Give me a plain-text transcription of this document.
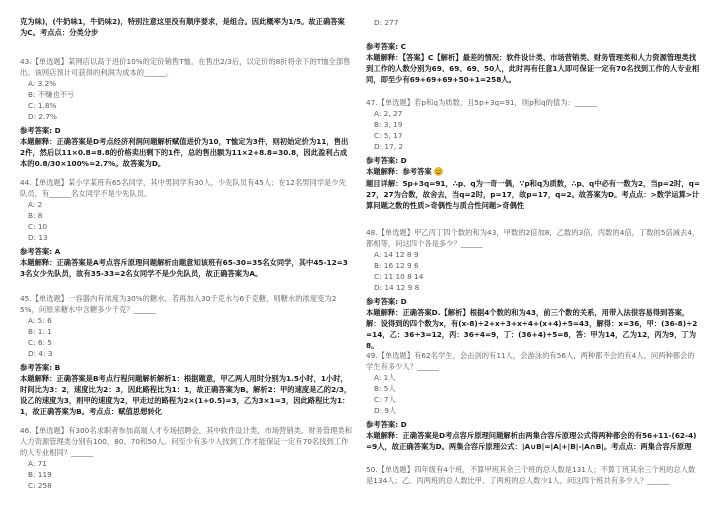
克为味)，(牛奶味1，牛奶味2)，特别注意这里没有顺序要求，是组合。因此概率为1/5。故正确答案为C。考点点：分类分步

43.【单选题】某网店以高于进价10%的定价销售T恤，在售出2/3后，以定价的8折将余下的T恤全部售出。该网店预计可获得的利润为成本的______。

A: 3.2%
B: 不赚也不亏
C: 1.8%
D: 2.7%
参考答案: D

本题解释：正确答案是D考点经济利润问题解析赋值进价为10，T恤定为3件，则初始定价为11，售出2件，然后以11×0.8=8.8的价格卖出剩下的1件，总的售出额为11×2+8.8=30.8，因此盈利占成本的0.8/30×100%≈2.7%。故答案为D。

44.【单选题】某小学某班有65名同学，其中男同学有30人，少先队员有45人；在12名男同学是少先队员，有______名女同学不是少先队员。

A: 2
B: 8
C: 10
D: 13
参考答案: A

本题解释：正确答案是A考点容斥原理问题解析由题意知该班有65-30=35名女同学，其中45-12=33名女少先队员，故有35-33=2名女同学不是少先队员，故正确答案为A。

45.【单选题】一容器内有浓度为30%的糖水，若再加入30千克水与6千克糖，则糖水的浓度变为25%，问原来糖水中含糖多少千克？______

A: 5: 6
B: 1: 1
C: 6: 5
D: 4: 3
参考答案: B

本题解释：正确答案是B考点行程问题解析解析1：根据题意，甲乙两人用时分别为1.5小时，1小时，时间比为3：2，速度比为2：3，因此路程比为1：1，故正确答案为B。解析2：甲的速度是乙的2/3，设乙的速度为3，则甲的速度为2，甲走过的路程为2×(1+0.5)=3，乙为3×1=3，因此路程比为1：1，故正确答案为B。考点点：赋值思想转化

46.【单选题】有300名求职者参加高端人才专场招聘会，其中软件设计类、市场营销类、财务管理类和人力资源管理类分别有100、80、70和50人。问至少有多少人找到工作才能保证一定有70名找到工作的人专业相同？______

A: 71
B: 119
C: 258
D: 277
参考答案: C

本题解释：【答案】C【解析】最差的情况：软件设计类、市场营销类、财务管理类和人力资源管理类找到工作的人数分别为69、69、69、50人，此时再有任意1人即可保证一定有70名找到工作的人专业相同，即至少有69+69+69+50+1=258人。

47.【单选题】若p和q为质数，且5p+3q=91，则p和q的值为：______

A: 2, 27
B: 3, 19
C: 5, 17
D: 17, 2
参考答案: D
本题解释：参考答案

题目详解：5p+3q=91，∴p、q为一奇一偶，∵p和q为质数，∴p、q中必有一数为2，当p=2时，q=27，27为合数，故舍去，当q=2时，p=17，故p=17，q=2。故答案为D。考点点：>数学运算>计算问题之数的性质>奇偶性与质合性问题>奇偶性

48.【单选题】甲乙丙丁四个数的和为43，甲数的2倍加8，乙数的3倍，丙数的4倍，丁数的5倍减去4，都相等，问这四个各是多少？______

A: 14 12 8 9
B: 16 12 9 6
C: 11 10 8 14
D: 14 12 9 8
参考答案: D

本题解释：正确答案D.【解析】根据4个数的和为43，前三个数的关系，用带入法很容易得到答案，解：设得到的四个数为x，有(x-8)÷2+x÷3+x÷4+(x+4)÷5=43，解得：x=36，甲：(36-8)÷2=14，乙：36÷3=12，丙：36÷4=9，丁：(36+4)÷5=8，答：甲为14，乙为12，丙为9，丁为8。

49.【单选题】有62名学生，会击剑的有11人，会游泳的有56人，两种都不会的有4人，问两种都会的学生有多少人？______

A: 1人
B: 5人
C: 7人
D: 9人
参考答案: D

本题解释：正确答案是D考点容斥原理问题解析由两集合容斥原理公式得两种都会的有56+11-(62-4)=9人，故正确答案为D。两集合容斥原理公式：|A∪B|=|A|+|B|-|A∩B|。考点点：两集合容斥原理

50.【单选题】四年级有4个班，不算甲班其余三个班的总人数是131人；不算丁班其余三个班的总人数是134人；乙、丙两班的总人数比甲、丁两班的总人数少1人，问这四个班共有多少人？______
